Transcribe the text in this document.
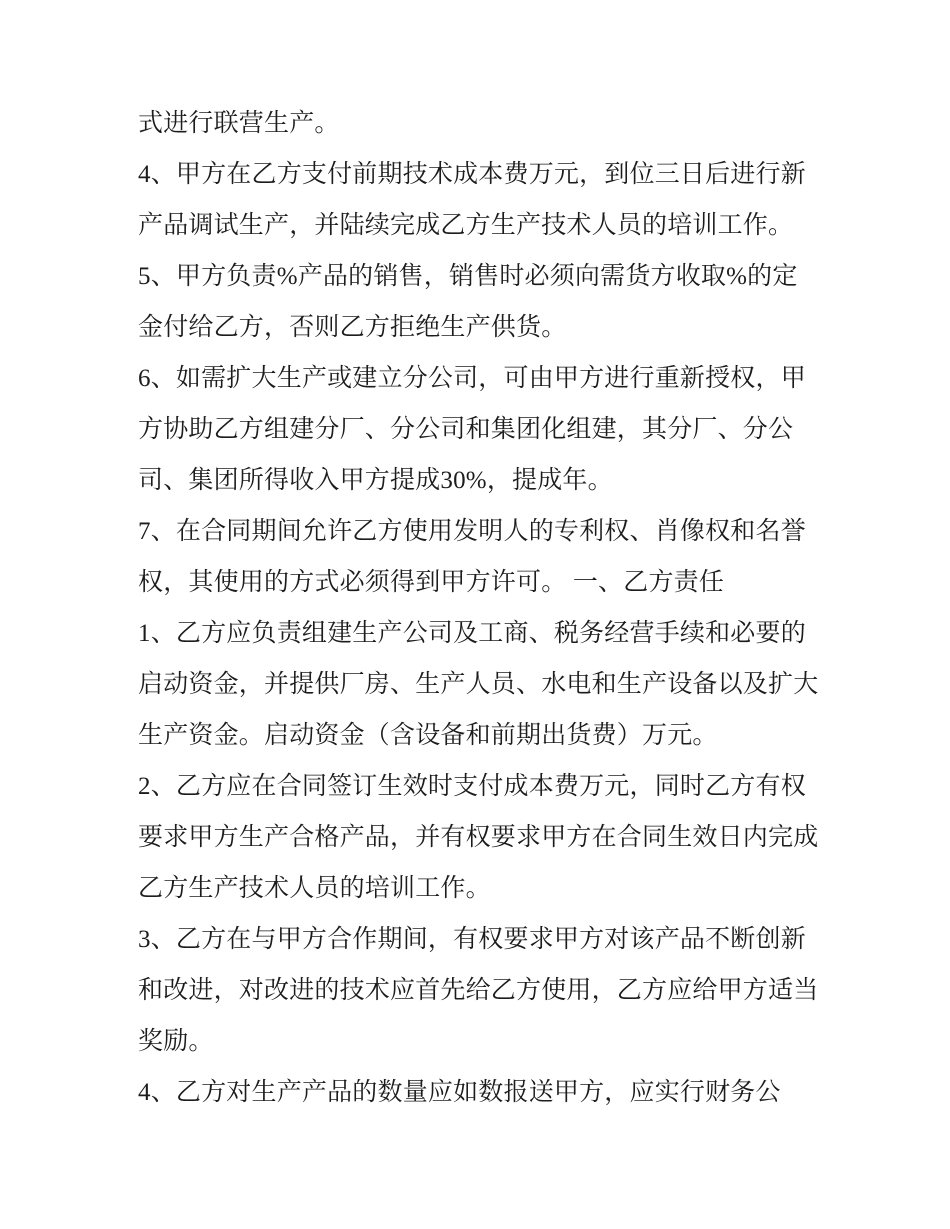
式进行联营生产。
4、甲方在乙方支付前期技术成本费万元，到位三日后进行新
产品调试生产，并陆续完成乙方生产技术人员的培训工作。
5、甲方负责%产品的销售，销售时必须向需货方收取%的定
金付给乙方，否则乙方拒绝生产供货。
6、如需扩大生产或建立分公司，可由甲方进行重新授权，甲
方协助乙方组建分厂、分公司和集团化组建，其分厂、分公
司、集团所得收入甲方提成30%，提成年。
7、在合同期间允许乙方使用发明人的专利权、肖像权和名誉
权，其使用的方式必须得到甲方许可。 一、乙方责任
1、乙方应负责组建生产公司及工商、税务经营手续和必要的
启动资金，并提供厂房、生产人员、水电和生产设备以及扩大
生产资金。启动资金（含设备和前期出货费）万元。
2、乙方应在合同签订生效时支付成本费万元，同时乙方有权
要求甲方生产合格产品，并有权要求甲方在合同生效日内完成
乙方生产技术人员的培训工作。
3、乙方在与甲方合作期间，有权要求甲方对该产品不断创新
和改进，对改进的技术应首先给乙方使用，乙方应给甲方适当
奖励。
4、乙方对生产产品的数量应如数报送甲方，应实行财务公
